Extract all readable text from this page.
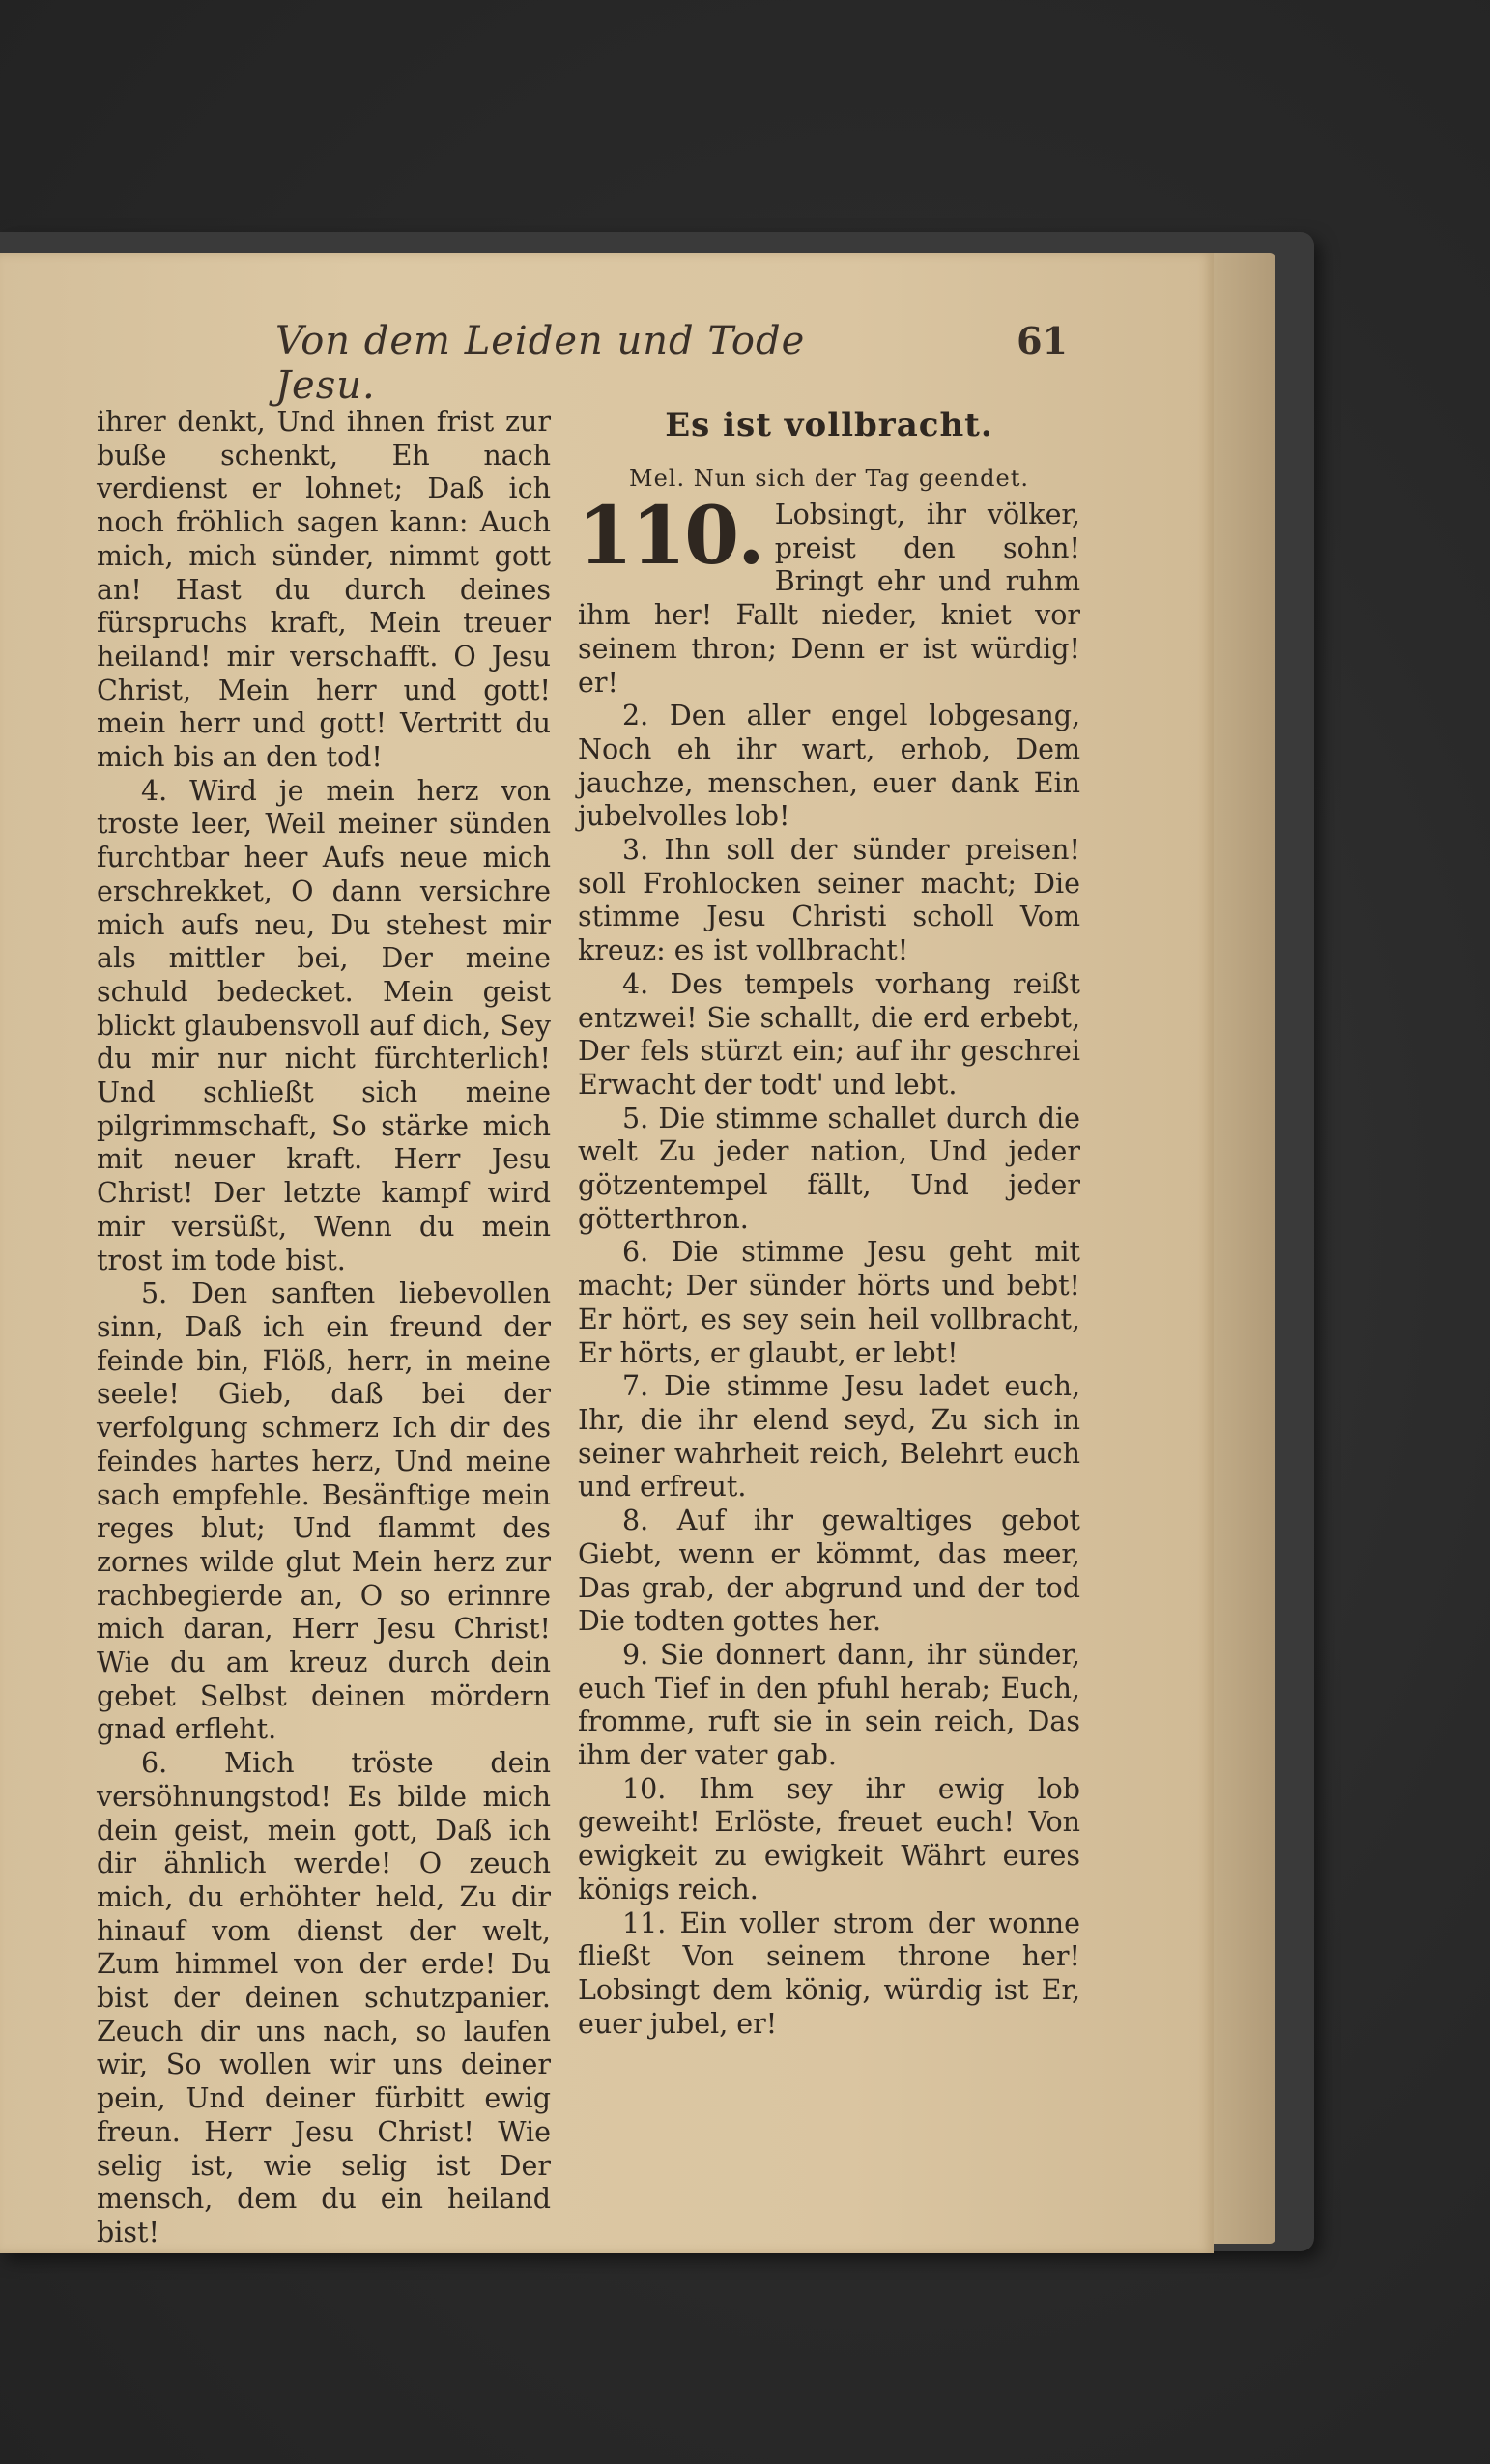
Von dem Leiden und Tode Jesu.
61

ihrer denkt, Und ihnen frist zur buße schenkt, Eh nach verdienst er lohnet; Daß ich noch fröhlich sagen kann: Auch mich, mich sünder, nimmt gott an! Hast du durch deines fürspruchs kraft, Mein treuer heiland! mir verschafft. O Jesu Christ, Mein herr und gott! mein herr und gott! Vertritt du mich bis an den tod!

4. Wird je mein herz von troste leer, Weil meiner sünden furchtbar heer Aufs neue mich erschrekket, O dann versichre mich aufs neu, Du stehest mir als mittler bei, Der meine schuld bedecket. Mein geist blickt glaubensvoll auf dich, Sey du mir nur nicht fürchterlich! Und schließt sich meine pilgrimmschaft, So stärke mich mit neuer kraft. Herr Jesu Christ! Der letzte kampf wird mir versüßt, Wenn du mein trost im tode bist.

5. Den sanften liebevollen sinn, Daß ich ein freund der feinde bin, Flöß, herr, in meine seele! Gieb, daß bei der verfolgung schmerz Ich dir des feindes hartes herz, Und meine sach empfehle. Besänftige mein reges blut; Und flammt des zornes wilde glut Mein herz zur rachbegierde an, O so erinnre mich daran, Herr Jesu Christ! Wie du am kreuz durch dein gebet Selbst deinen mördern gnad erfleht.

6. Mich tröste dein versöhnungstod! Es bilde mich dein geist, mein gott, Daß ich dir ähnlich werde! O zeuch mich, du erhöhter held, Zu dir hinauf vom dienst der welt, Zum himmel von der erde! Du bist der deinen schutzpanier. Zeuch dir uns nach, so laufen wir, So wollen wir uns deiner pein, Und deiner fürbitt ewig freun. Herr Jesu Christ! Wie selig ist, wie selig ist Der mensch, dem du ein heiland bist!

Es ist vollbracht.
Mel. Nun sich der Tag geendet.
110. Lobsingt, ihr völker, preist den sohn! Bringt ehr und ruhm ihm her! Fallt nieder, kniet vor seinem thron; Denn er ist würdig! er!

2. Den aller engel lobgesang, Noch eh ihr wart, erhob, Dem jauchze, menschen, euer dank Ein jubelvolles lob!

3. Ihn soll der sünder preisen! soll Frohlocken seiner macht; Die stimme Jesu Christi scholl Vom kreuz: es ist vollbracht!

4. Des tempels vorhang reißt entzwei! Sie schallt, die erd erbebt, Der fels stürzt ein; auf ihr geschrei Erwacht der todt' und lebt.

5. Die stimme schallet durch die welt Zu jeder nation, Und jeder götzentempel fällt, Und jeder götterthron.

6. Die stimme Jesu geht mit macht; Der sünder hörts und bebt! Er hört, es sey sein heil vollbracht, Er hörts, er glaubt, er lebt!

7. Die stimme Jesu ladet euch, Ihr, die ihr elend seyd, Zu sich in seiner wahrheit reich, Belehrt euch und erfreut.

8. Auf ihr gewaltiges gebot Giebt, wenn er kömmt, das meer, Das grab, der abgrund und der tod Die todten gottes her.

9. Sie donnert dann, ihr sünder, euch Tief in den pfuhl herab; Euch, fromme, ruft sie in sein reich, Das ihm der vater gab.

10. Ihm sey ihr ewig lob geweiht! Erlöste, freuet euch! Von ewigkeit zu ewigkeit Währt eures königs reich.

11. Ein voller strom der wonne fließt Von seinem throne her! Lobsingt dem könig, würdig ist Er, euer jubel, er!
